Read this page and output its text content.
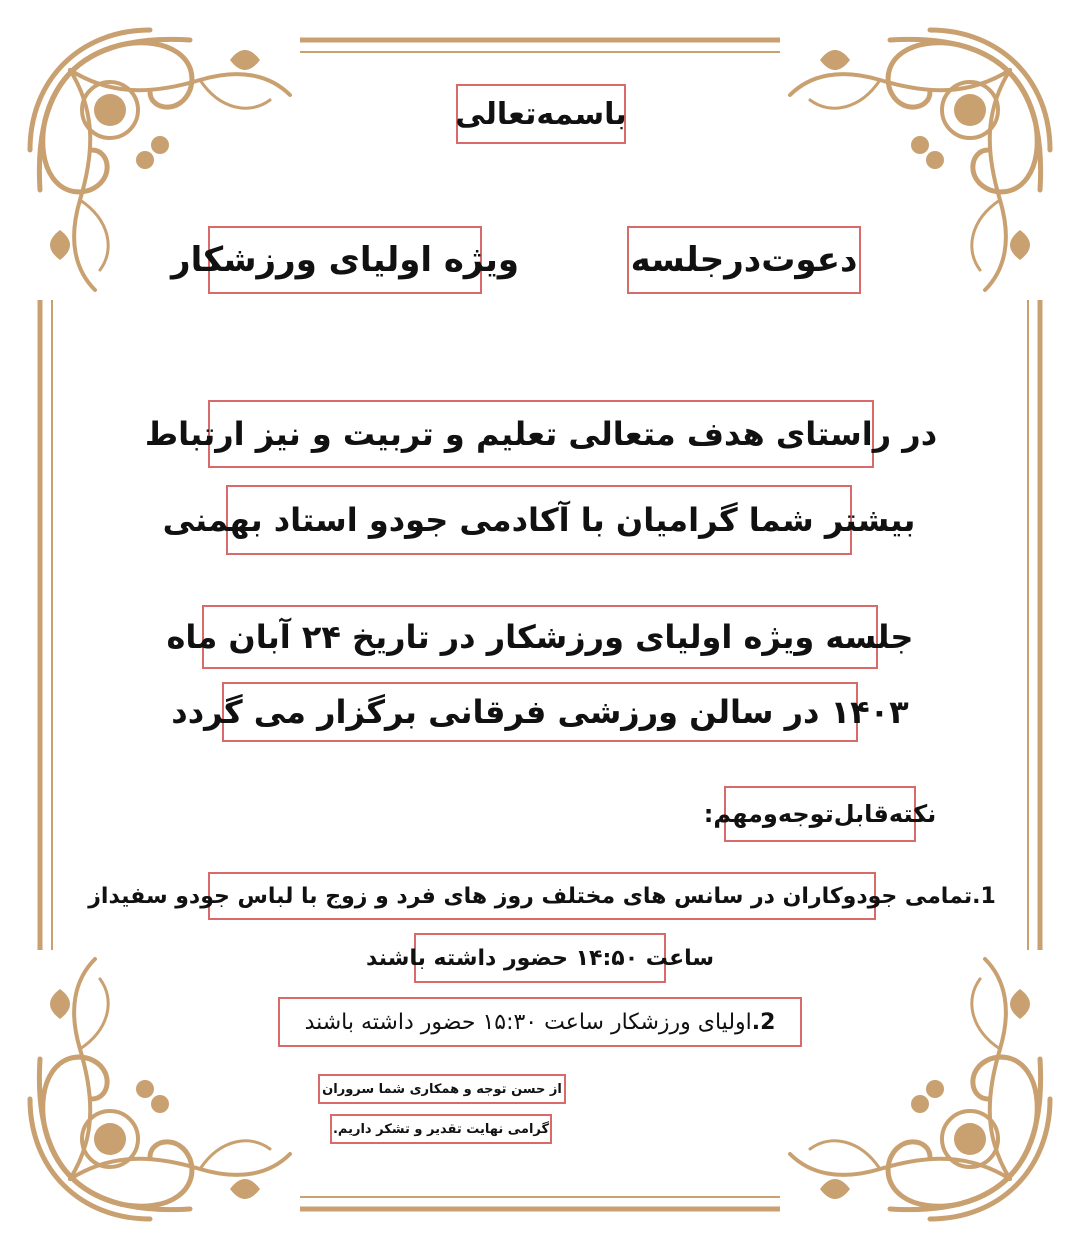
باسمه‌تعالی
دعوت‌درجلسه
ویژه اولیای ورزشکار
در راستای هدف متعالی تعلیم و تربیت و نیز ارتباط
بیشتر شما گرامیان با آکادمی جودو استاد بهمنی
جلسه ویژه اولیای ورزشکار در تاریخ ۲۴ آبان ماه
۱۴۰۳ در سالن ورزشی فرقانی برگزار می گردد
نکته‌قابل‌توجه‌ومهم:
1.
تمامی جودوکاران در سانس های مختلف روز های فرد و زوج با لباس جودو سفیداز
ساعت ۱۴:۵۰ حضور داشته باشند
2.
اولیای ورزشکار ساعت ۱۵:۳۰ حضور داشته باشند
از حسن توجه و همکاری شما سروران
گرامی نهایت تقدیر و تشکر داریم.
